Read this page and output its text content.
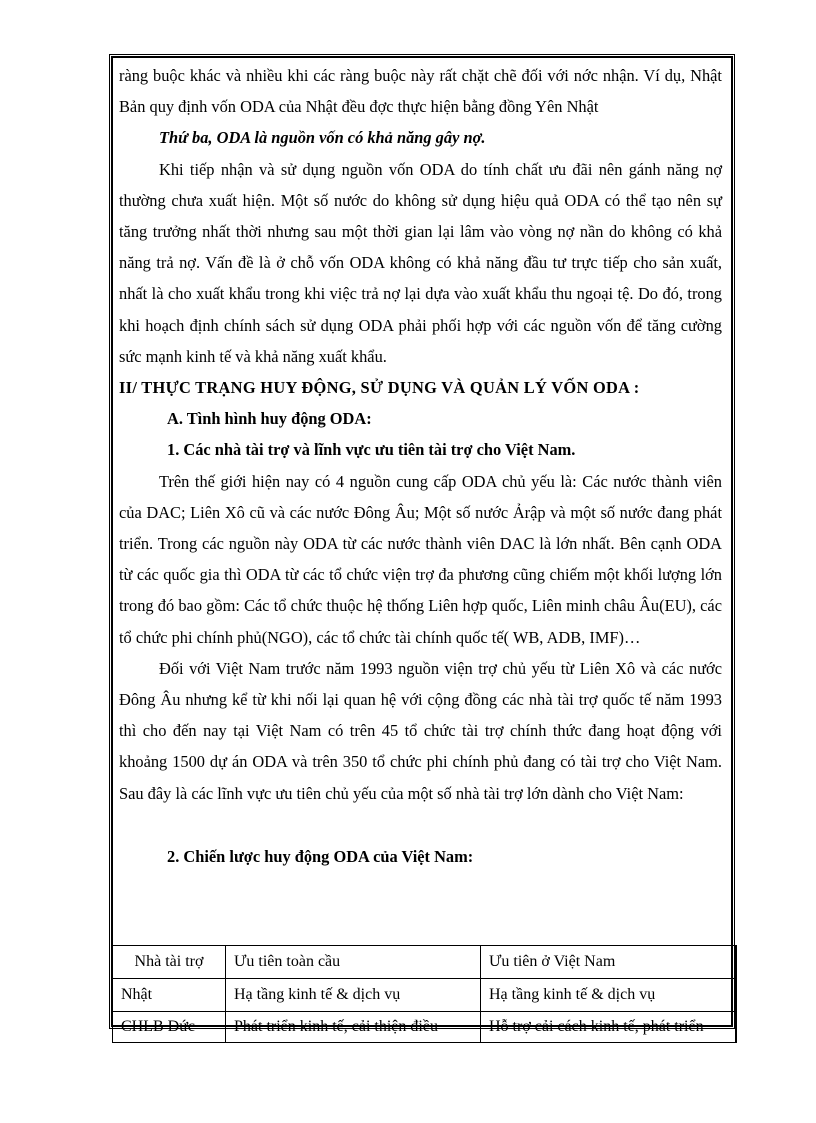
ràng buộc khác và nhiều khi các ràng buộc này rất chặt chẽ đối với nớc nhận. Ví dụ, Nhật Bản quy định vốn ODA của Nhật đều đợc thực hiện bằng đồng Yên Nhật

Thứ ba, ODA là nguồn vốn có khả năng gây nợ.

Khi tiếp nhận và sử dụng nguồn vốn ODA do tính chất ưu đãi nên gánh năng nợ thường chưa xuất hiện. Một số nước do không sử dụng hiệu quả ODA có thể tạo nên sự tăng trưởng nhất thời nhưng sau một thời gian lại lâm vào vòng nợ nần do không có khả năng trả nợ. Vấn đề là ở chỗ vốn ODA không có khả năng đầu tư trực tiếp cho sản xuất, nhất là cho xuất khẩu trong khi việc trả nợ lại dựa vào xuất khẩu thu ngoại tệ. Do đó, trong khi hoạch định chính sách sử dụng ODA phải phối hợp với các nguồn vốn để tăng cường sức mạnh kinh tế và khả năng xuất khẩu.

II/ THỰC TRẠNG HUY ĐỘNG, SỬ DỤNG VÀ QUẢN LÝ VỐN ODA :

A. Tình hình huy động ODA:

1. Các nhà tài trợ và lĩnh vực ưu tiên tài trợ cho Việt Nam.

Trên thế giới hiện nay có 4 nguồn cung cấp ODA chủ yếu là: Các nước thành viên của DAC; Liên Xô cũ và các nước Đông Âu; Một số nước Ảrập và một số nước đang phát triển. Trong các nguồn này ODA từ các nước thành viên DAC là lớn nhất. Bên cạnh ODA từ các quốc gia thì ODA từ các tổ chức viện trợ đa phương cũng chiếm một khối lượng lớn trong đó bao gồm: Các tổ chức thuộc hệ thống Liên hợp quốc, Liên minh châu Âu(EU), các tổ chức phi chính phủ(NGO), các tổ chức tài chính quốc tế( WB, ADB, IMF)…

Đối với Việt Nam trước năm 1993 nguồn viện trợ chủ yếu từ Liên Xô và các nước Đông Âu nhưng kể từ khi nối lại quan hệ với cộng đồng các nhà tài trợ quốc tế năm 1993 thì cho đến nay tại Việt Nam có trên 45 tổ chức tài trợ chính thức đang hoạt động với khoảng 1500 dự án ODA và trên 350 tổ chức phi chính phủ đang có tài trợ cho Việt Nam. Sau đây là các lĩnh vực ưu tiên chủ yếu của một số nhà tài trợ lớn dành cho Việt Nam:

2. Chiến lược huy động ODA của Việt Nam:

Nhà tài trợ	Ưu tiên toàn cầu	Ưu tiên ở Việt Nam	
Nhật	Hạ tầng kinh tế & dịch vụ	Hạ tầng kinh tế & dịch vụ	
CHLB Đức	Phát triển kinh tế, cải thiện điều	Hỗ trợ cải cách kinh tế, phát triển	
